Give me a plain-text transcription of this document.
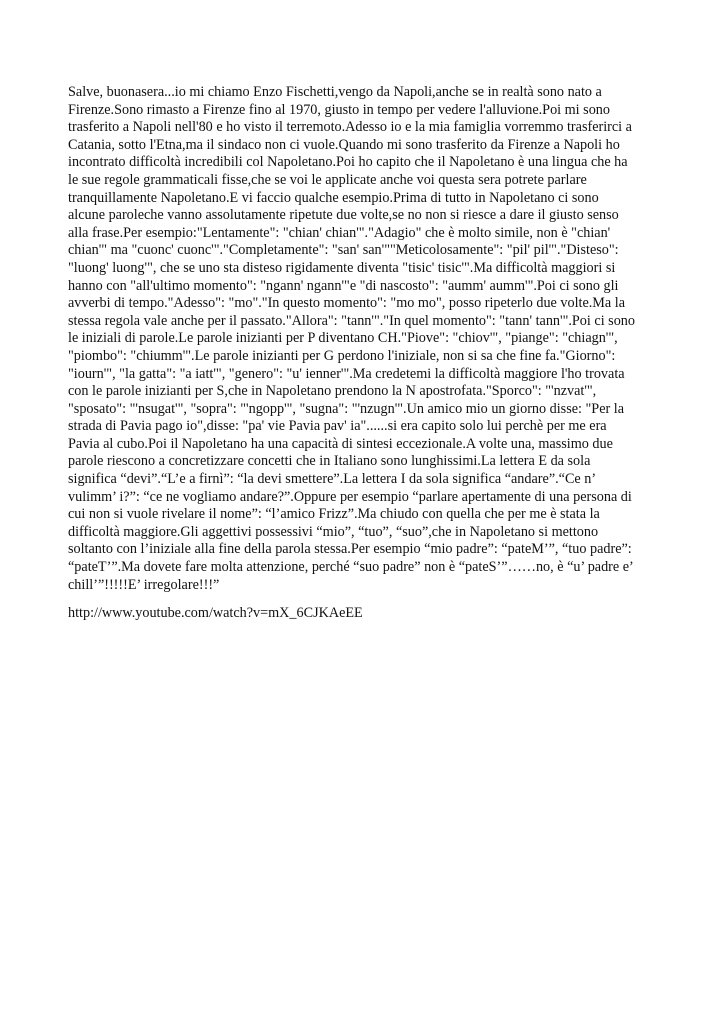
Salve, buonasera...io mi chiamo Enzo Fischetti,vengo da Napoli,anche se in realtà sono nato a
Firenze.Sono rimasto a Firenze fino al 1970, giusto in tempo per vedere l'alluvione.Poi mi sono
trasferito a Napoli nell'80 e ho visto il terremoto.Adesso io e la mia famiglia vorremmo trasferirci a
Catania, sotto l'Etna,ma il sindaco non ci vuole.Quando mi sono trasferito da Firenze a Napoli ho
incontrato difficoltà incredibili col Napoletano.Poi ho capito che il Napoletano è una lingua che ha
le sue regole grammaticali fisse,che se voi le applicate anche voi questa sera potrete parlare
tranquillamente Napoletano.E vi faccio qualche esempio.Prima di tutto in Napoletano ci sono
alcune paroleche vanno assolutamente ripetute due volte,se no non si riesce a dare il giusto senso
alla frase.Per esempio:"Lentamente": "chian' chian'"."Adagio" che è molto simile, non è "chian'
chian'" ma "cuonc' cuonc'"."Completamente": "san' san'""Meticolosamente": "pil' pil'"."Disteso":
"luong' luong'", che se uno sta disteso rigidamente diventa "tisic' tisic'".Ma difficoltà maggiori si
hanno con "all'ultimo momento": "ngann' ngann'"e "di nascosto": "aumm' aumm'".Poi ci sono gli
avverbi di tempo."Adesso": "mo"."In questo momento": "mo mo", posso ripeterlo due volte.Ma la
stessa regola vale anche per il passato."Allora": "tann'"."In quel momento": "tann' tann'".Poi ci sono
le iniziali di parole.Le parole inizianti per P diventano CH."Piove": "chiov'", "piange": "chiagn'",
"piombo": "chiumm'".Le parole inizianti per G perdono l'iniziale, non si sa che fine fa."Giorno":
"iourn'", "la gatta": "a iatt'", "genero": "u' ienner'".Ma credetemi la difficoltà maggiore l'ho trovata
con le parole inizianti per S,che in Napoletano prendono la N apostrofata."Sporco": "'nzvat'",
"sposato": "'nsugat'", "sopra": "'ngopp'", "sugna": "'nzugn'".Un amico mio un giorno disse: "Per la
strada di Pavia pago io",disse: "pa' vie Pavia pav' ia"......si era capito solo lui perchè per me era
Pavia al cubo.Poi il Napoletano ha una capacità di sintesi eccezionale.A volte una, massimo due
parole riescono a concretizzare concetti che in Italiano sono lunghissimi.La lettera E da sola
significa “devi”.“L’e a firnì”: “la devi smettere”.La lettera I da sola significa “andare”.“Ce n’
vulimm’ i?”: “ce ne vogliamo andare?”.Oppure per esempio “parlare apertamente di una persona di
cui non si vuole rivelare il nome”: “l’amico Frizz”.Ma chiudo con quella che per me è stata la
difficoltà maggiore.Gli aggettivi possessivi “mio”, “tuo”, “suo”,che in Napoletano si mettono
soltanto con l’iniziale alla fine della parola stessa.Per esempio “mio padre”: “pateM’”, “tuo padre”:
“pateT’”.Ma dovete fare molta attenzione, perché “suo padre” non è “pateS’”……no, è “u’ padre e’
chill’”!!!!!E’ irregolare!!!”

http://www.youtube.com/watch?v=mX_6CJKAeEE
